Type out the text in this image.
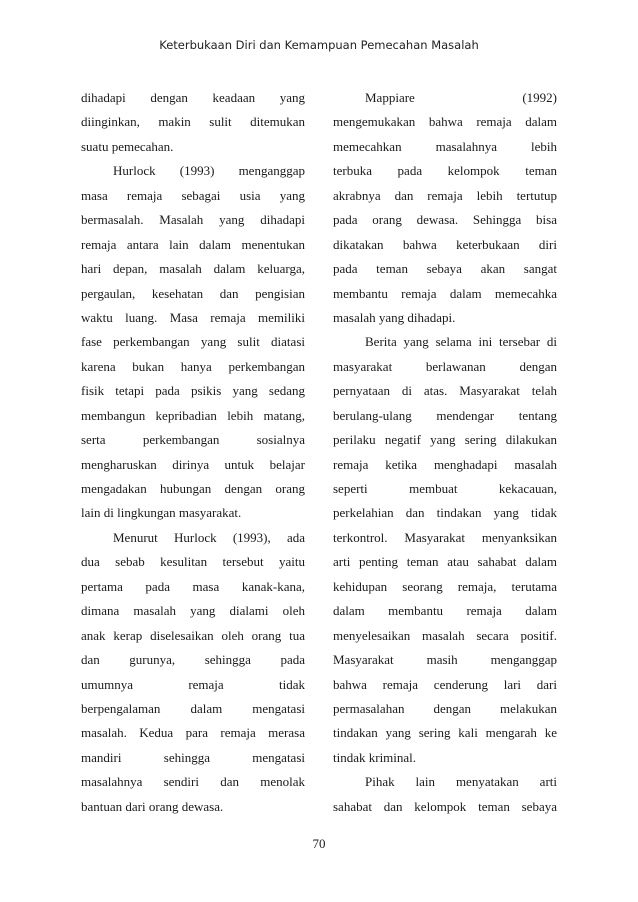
Keterbukaan Diri dan Kemampuan Pemecahan Masalah
dihadapi dengan keadaan yang
diinginkan, makin sulit ditemukan
suatu pemecahan.
Hurlock (1993) menganggap
masa remaja sebagai usia yang
bermasalah. Masalah yang dihadapi
remaja antara lain dalam menentukan
hari depan, masalah dalam keluarga,
pergaulan, kesehatan dan pengisian
waktu luang. Masa remaja memiliki
fase perkembangan yang sulit diatasi
karena bukan hanya perkembangan
fisik tetapi pada psikis yang sedang
membangun kepribadian lebih matang,
serta perkembangan sosialnya
mengharuskan dirinya untuk belajar
mengadakan hubungan dengan orang
lain di lingkungan masyarakat.
Menurut Hurlock (1993), ada
dua sebab kesulitan tersebut yaitu
pertama pada masa kanak-kana,
dimana masalah yang dialami oleh
anak kerap diselesaikan oleh orang tua
dan gurunya, sehingga pada
umumnya remaja tidak
berpengalaman dalam mengatasi
masalah. Kedua para remaja merasa
mandiri sehingga mengatasi
masalahnya sendiri dan menolak
bantuan dari orang dewasa.
Mappiare (1992)
mengemukakan bahwa remaja dalam
memecahkan masalahnya lebih
terbuka pada kelompok teman
akrabnya dan remaja lebih tertutup
pada orang dewasa. Sehingga bisa
dikatakan bahwa keterbukaan diri
pada teman sebaya akan sangat
membantu remaja dalam memecahka
masalah yang dihadapi.
Berita yang selama ini tersebar di
masyarakat berlawanan dengan
pernyataan di atas. Masyarakat telah
berulang-ulang mendengar tentang
perilaku negatif yang sering dilakukan
remaja ketika menghadapi masalah
seperti membuat kekacauan,
perkelahian dan tindakan yang tidak
terkontrol. Masyarakat menyanksikan
arti penting teman atau sahabat dalam
kehidupan seorang remaja, terutama
dalam membantu remaja dalam
menyelesaikan masalah secara positif.
Masyarakat masih menganggap
bahwa remaja cenderung lari dari
permasalahan dengan melakukan
tindakan yang sering kali mengarah ke
tindak kriminal.
Pihak lain menyatakan arti
sahabat dan kelompok teman sebaya
70
